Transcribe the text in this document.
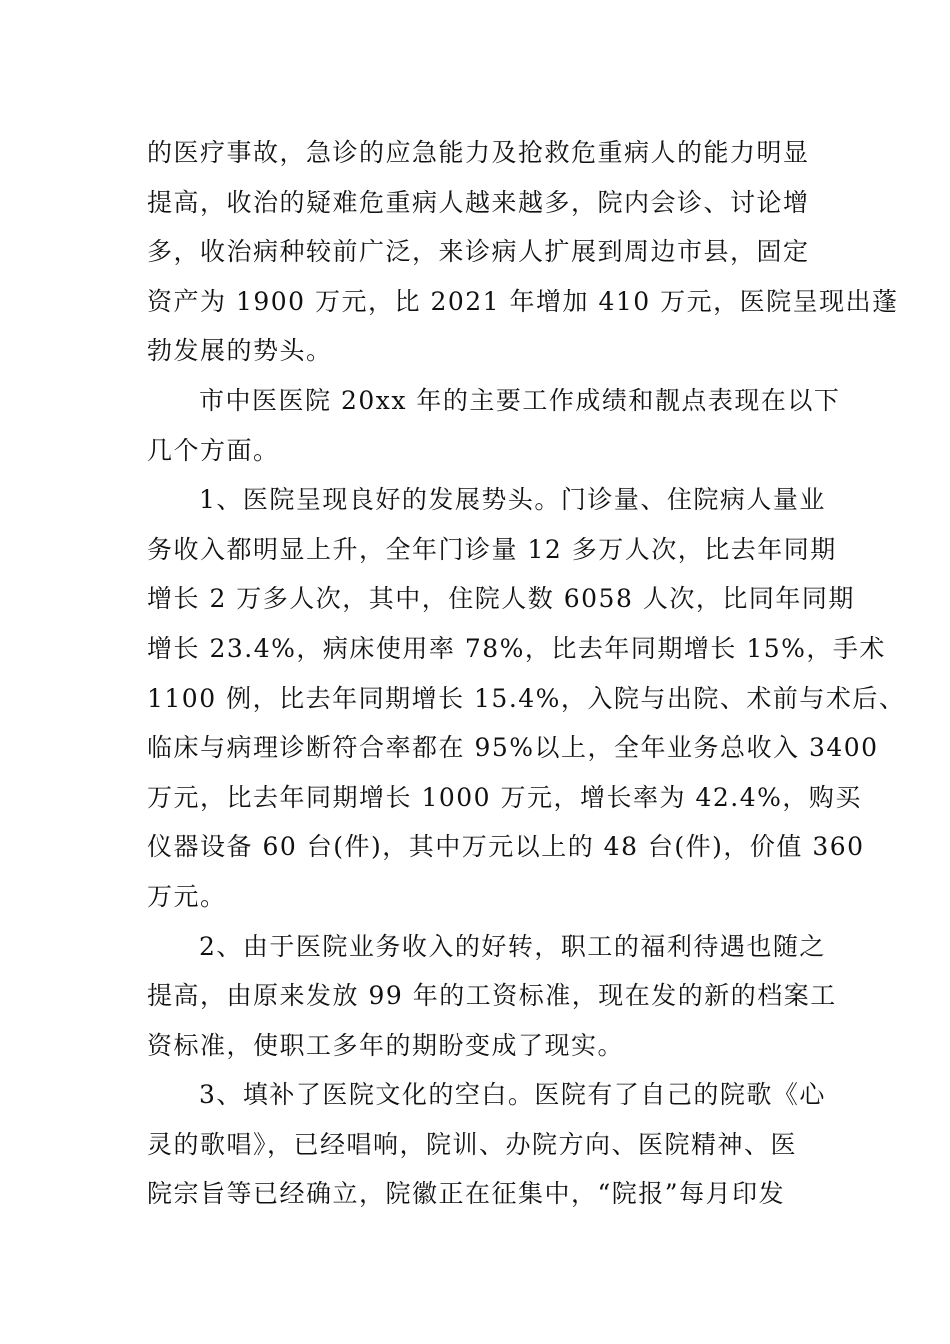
的医疗事故，急诊的应急能力及抢救危重病人的能力明显
提高，收治的疑难危重病人越来越多，院内会诊、讨论增
多，收治病种较前广泛，来诊病人扩展到周边市县，固定
资产为 1900 万元，比 2021 年增加 410 万元，医院呈现出蓬
勃发展的势头。
市中医医院 20xx 年的主要工作成绩和靓点表现在以下
几个方面。
1、医院呈现良好的发展势头。门诊量、住院病人量业
务收入都明显上升，全年门诊量 12 多万人次，比去年同期
增长 2 万多人次，其中，住院人数 6058 人次，比同年同期
增长 23.4%，病床使用率 78%，比去年同期增长 15%，手术
1100 例，比去年同期增长 15.4%，入院与出院、术前与术后、
临床与病理诊断符合率都在 95%以上，全年业务总收入 3400
万元，比去年同期增长 1000 万元，增长率为 42.4%，购买
仪器设备 60 台(件)，其中万元以上的 48 台(件)，价值 360
万元。
2、由于医院业务收入的好转，职工的福利待遇也随之
提高，由原来发放 99 年的工资标准，现在发的新的档案工
资标准，使职工多年的期盼变成了现实。
3、填补了医院文化的空白。医院有了自己的院歌《心
灵的歌唱》，已经唱响，院训、办院方向、医院精神、医
院宗旨等已经确立，院徽正在征集中，“院报”每月印发
